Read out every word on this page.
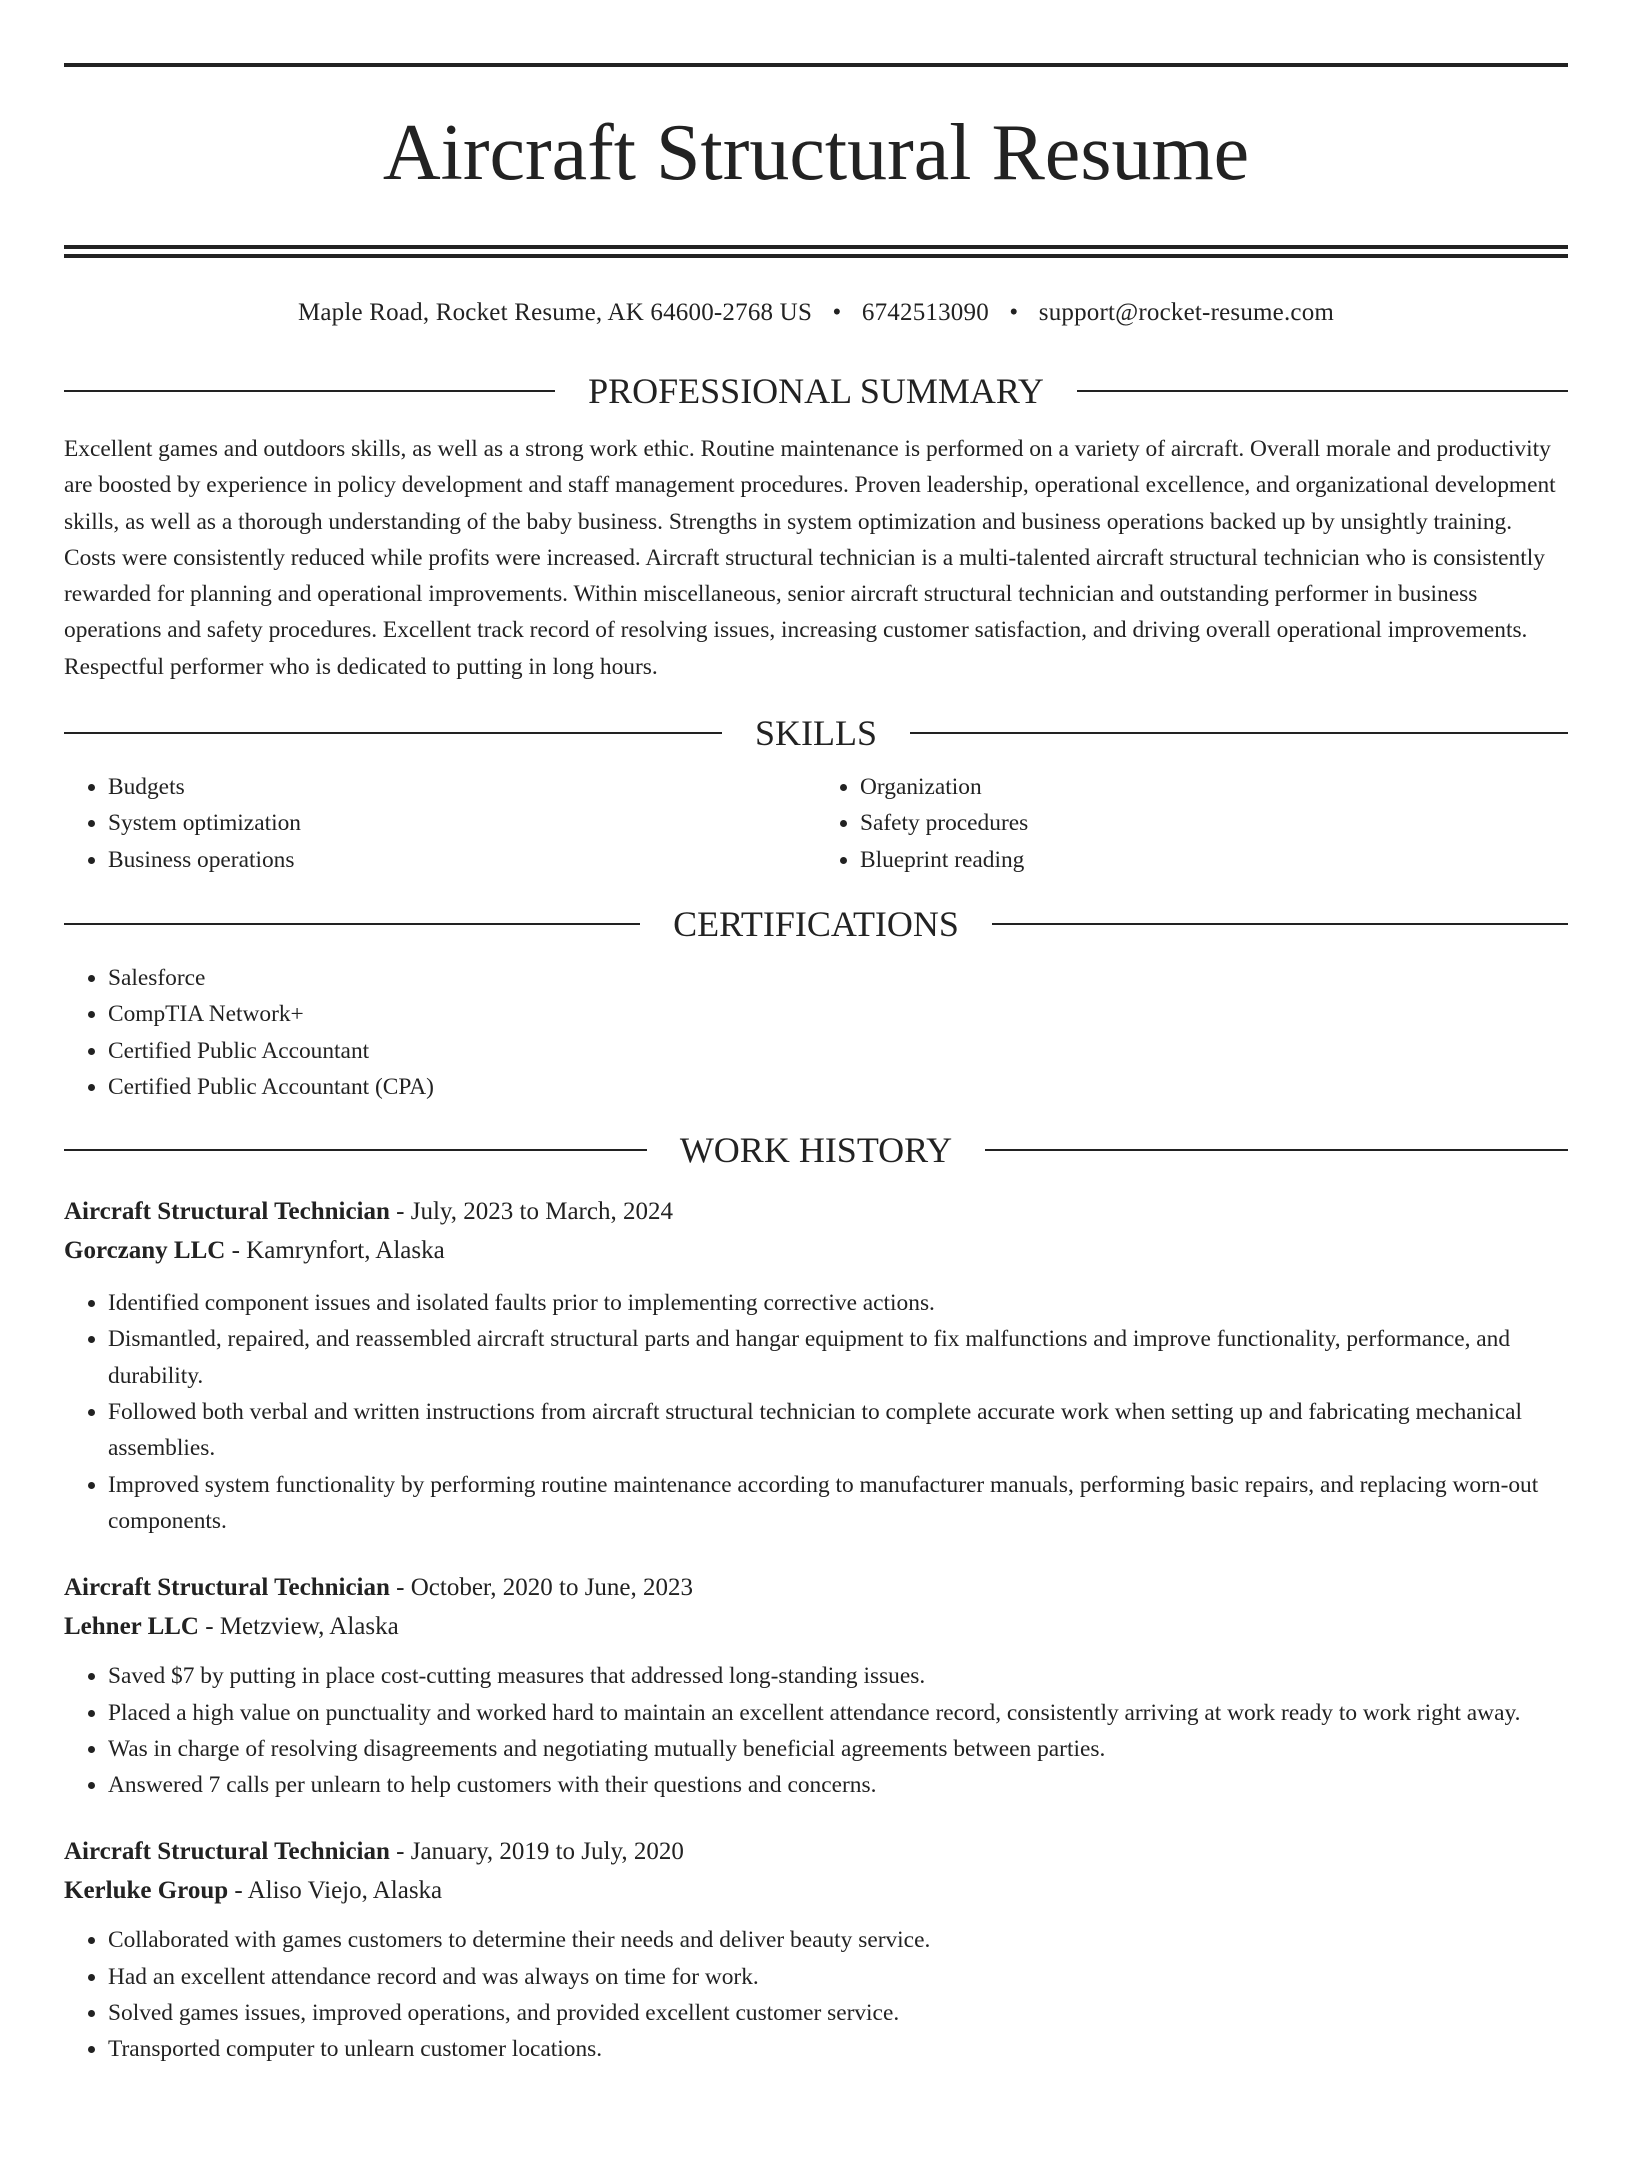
Aircraft Structural Resume
Maple Road, Rocket Resume, AK 64600-2768 US • 6742513090 • support@rocket-resume.com
PROFESSIONAL SUMMARY

Excellent games and outdoors skills, as well as a strong work ethic. Routine maintenance is performed on a variety of aircraft. Overall morale and productivity are boosted by experience in policy development and staff management procedures. Proven leadership, operational excellence, and organizational development skills, as well as a thorough understanding of the baby business. Strengths in system optimization and business operations backed up by unsightly training. Costs were consistently reduced while profits were increased. Aircraft structural technician is a multi-talented aircraft structural technician who is consistently rewarded for planning and operational improvements. Within miscellaneous, senior aircraft structural technician and outstanding performer in business operations and safety procedures. Excellent track record of resolving issues, increasing customer satisfaction, and driving overall operational improvements. Respectful performer who is dedicated to putting in long hours.

SKILLS
• Budgets
• System optimization
• Business operations
• Organization
• Safety procedures
• Blueprint reading
CERTIFICATIONS
• Salesforce
• CompTIA Network+
• Certified Public Accountant
• Certified Public Accountant (CPA)
WORK HISTORY
Aircraft Structural Technician - July, 2023 to March, 2024
Gorczany LLC - Kamrynfort, Alaska
• Identified component issues and isolated faults prior to implementing corrective actions.
• Dismantled, repaired, and reassembled aircraft structural parts and hangar equipment to fix malfunctions and improve functionality, performance, and durability.
• Followed both verbal and written instructions from aircraft structural technician to complete accurate work when setting up and fabricating mechanical assemblies.
• Improved system functionality by performing routine maintenance according to manufacturer manuals, performing basic repairs, and replacing worn-out components.
Aircraft Structural Technician - October, 2020 to June, 2023
Lehner LLC - Metzview, Alaska
• Saved $7 by putting in place cost-cutting measures that addressed long-standing issues.
• Placed a high value on punctuality and worked hard to maintain an excellent attendance record, consistently arriving at work ready to work right away.
• Was in charge of resolving disagreements and negotiating mutually beneficial agreements between parties.
• Answered 7 calls per unlearn to help customers with their questions and concerns.
Aircraft Structural Technician - January, 2019 to July, 2020
Kerluke Group - Aliso Viejo, Alaska
• Collaborated with games customers to determine their needs and deliver beauty service.
• Had an excellent attendance record and was always on time for work.
• Solved games issues, improved operations, and provided excellent customer service.
• Transported computer to unlearn customer locations.
